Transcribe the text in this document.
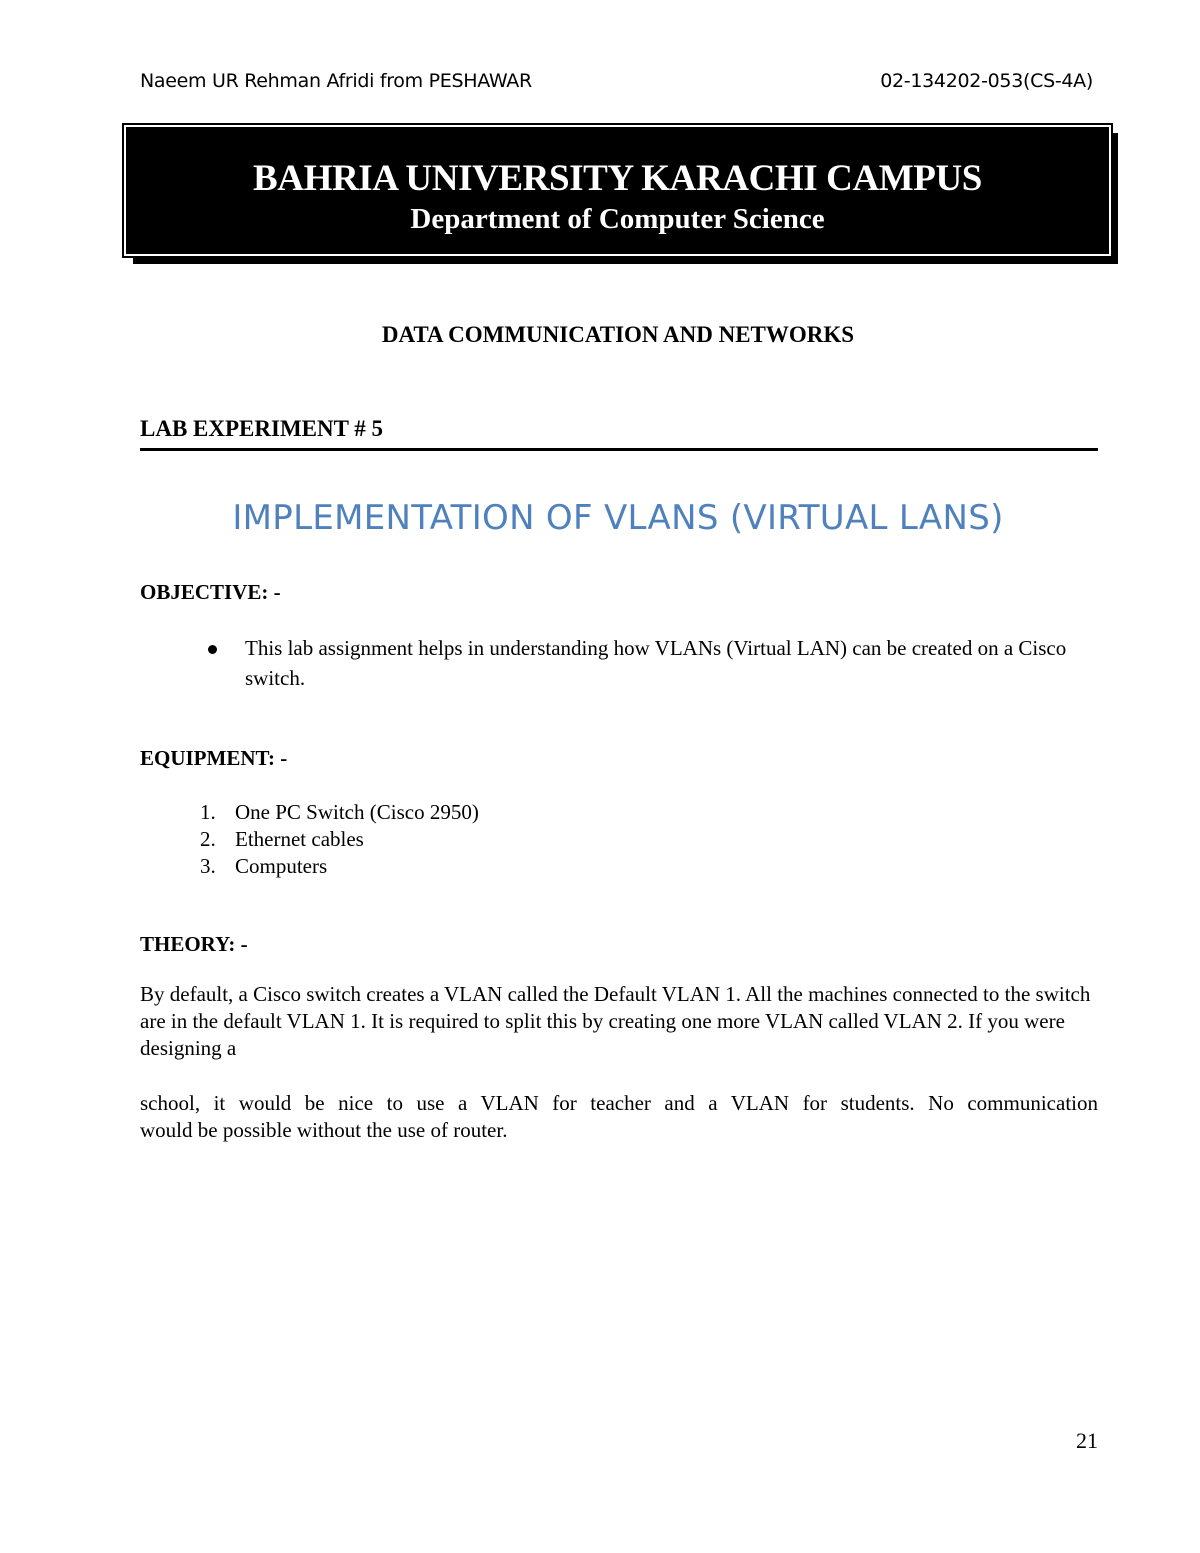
Naeem UR Rehman Afridi from PESHAWAR	02-134202-053(CS-4A)
BAHRIA UNIVERSITY KARACHI CAMPUS
Department of Computer Science
DATA COMMUNICATION AND NETWORKS
LAB EXPERIMENT # 5
IMPLEMENTATION OF VLANS (VIRTUAL LANS)
OBJECTIVE: -
This lab assignment helps in understanding how VLANs (Virtual LAN) can be created on a Cisco switch.
EQUIPMENT: -
1. One PC Switch (Cisco 2950)
2. Ethernet cables
3. Computers
THEORY: -
By default, a Cisco switch creates a VLAN called the Default VLAN 1. All the machines connected to the switch are in the default VLAN 1. It is required to split this by creating one more VLAN called VLAN 2. If you were designing a
school, it would be nice to use a VLAN for teacher and a VLAN for students. No communication
would be possible without the use of router.
21
